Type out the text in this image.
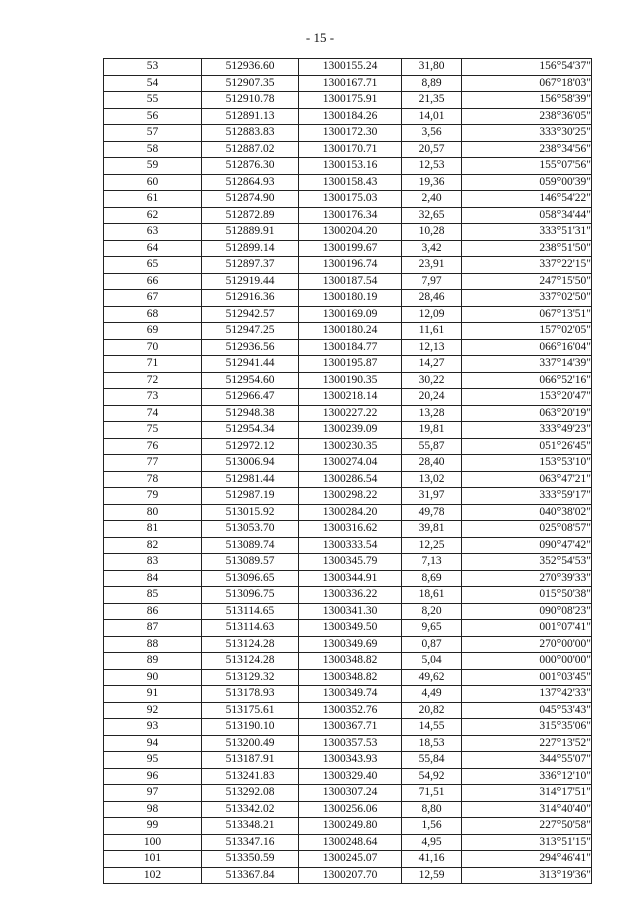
- 15 -
53	512936.60	1300155.24	31,80	156°54'37"
54	512907.35	1300167.71	8,89	067°18'03"
55	512910.78	1300175.91	21,35	156°58'39"
56	512891.13	1300184.26	14,01	238°36'05"
57	512883.83	1300172.30	3,56	333°30'25"
58	512887.02	1300170.71	20,57	238°34'56"
59	512876.30	1300153.16	12,53	155°07'56"
60	512864.93	1300158.43	19,36	059°00'39"
61	512874.90	1300175.03	2,40	146°54'22"
62	512872.89	1300176.34	32,65	058°34'44"
63	512889.91	1300204.20	10,28	333°51'31"
64	512899.14	1300199.67	3,42	238°51'50"
65	512897.37	1300196.74	23,91	337°22'15"
66	512919.44	1300187.54	7,97	247°15'50"
67	512916.36	1300180.19	28,46	337°02'50"
68	512942.57	1300169.09	12,09	067°13'51"
69	512947.25	1300180.24	11,61	157°02'05"
70	512936.56	1300184.77	12,13	066°16'04"
71	512941.44	1300195.87	14,27	337°14'39"
72	512954.60	1300190.35	30,22	066°52'16"
73	512966.47	1300218.14	20,24	153°20'47"
74	512948.38	1300227.22	13,28	063°20'19"
75	512954.34	1300239.09	19,81	333°49'23"
76	512972.12	1300230.35	55,87	051°26'45"
77	513006.94	1300274.04	28,40	153°53'10"
78	512981.44	1300286.54	13,02	063°47'21"
79	512987.19	1300298.22	31,97	333°59'17"
80	513015.92	1300284.20	49,78	040°38'02"
81	513053.70	1300316.62	39,81	025°08'57"
82	513089.74	1300333.54	12,25	090°47'42"
83	513089.57	1300345.79	7,13	352°54'53"
84	513096.65	1300344.91	8,69	270°39'33"
85	513096.75	1300336.22	18,61	015°50'38"
86	513114.65	1300341.30	8,20	090°08'23"
87	513114.63	1300349.50	9,65	001°07'41"
88	513124.28	1300349.69	0,87	270°00'00"
89	513124.28	1300348.82	5,04	000°00'00"
90	513129.32	1300348.82	49,62	001°03'45"
91	513178.93	1300349.74	4,49	137°42'33"
92	513175.61	1300352.76	20,82	045°53'43"
93	513190.10	1300367.71	14,55	315°35'06"
94	513200.49	1300357.53	18,53	227°13'52"
95	513187.91	1300343.93	55,84	344°55'07"
96	513241.83	1300329.40	54,92	336°12'10"
97	513292.08	1300307.24	71,51	314°17'51"
98	513342.02	1300256.06	8,80	314°40'40"
99	513348.21	1300249.80	1,56	227°50'58"
100	513347.16	1300248.64	4,95	313°51'15"
101	513350.59	1300245.07	41,16	294°46'41"
102	513367.84	1300207.70	12,59	313°19'36"
